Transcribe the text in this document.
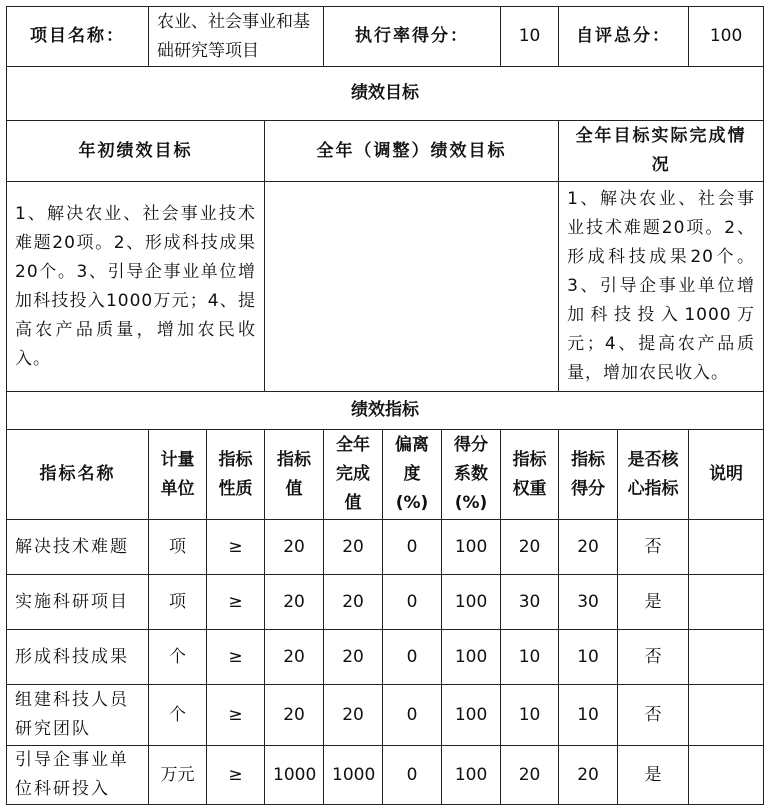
项目名称：	农业、社会事业和基础研究等项目			执行率得分：			10	自评总分：		100
绩效目标										
年初绩效目标			全年（调整）绩效目标					全年目标实际完成情况		
1、解决农业、社会事业技术难题20项。2、形成科技成果20个。3、引导企事业单位增加科技投入1000万元；4、提高农产品质量，增加农民收入。								1、解决农业、社会事业技术难题20项。2、形成科技成果20个。3、引导企事业单位增加科技投入1000万元；4、提高农产品质量，增加农民收入。		
绩效指标										
指标名称	计量单位	指标性质	指标值	全年完成值	偏离度(%)	得分系数(%)	指标权重	指标得分	是否核心指标	说明
解决技术难题	项	≥	20	20	0	100	20	20	否	
实施科研项目	项	≥	20	20	0	100	30	30	是	
形成科技成果	个	≥	20	20	0	100	10	10	否	
组建科技人员研究团队	个	≥	20	20	0	100	10	10	否	
引导企事业单位科研投入	万元	≥	1000	1000	0	100	20	20	是	
